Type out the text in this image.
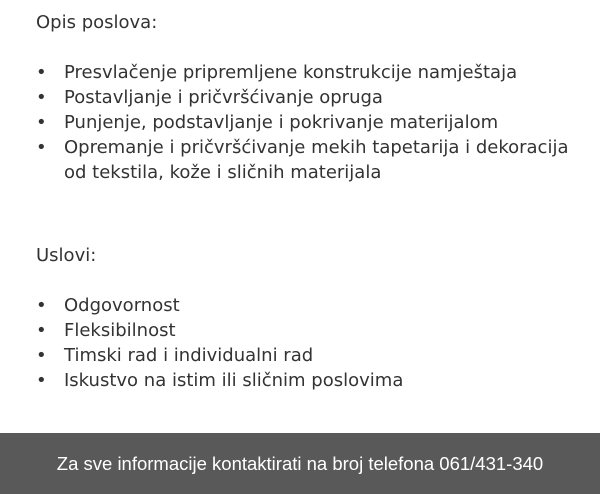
Opis poslova:

• Presvlačenje pripremljene konstrukcije namještaja
• Postavljanje i pričvršćivanje opruga
• Punjenje, podstavljanje i pokrivanje materijalom
• Opremanje i pričvršćivanje mekih tapetarija i dekoracija od tekstila, kože i sličnih materijala

Uslovi:

• Odgovornost
• Fleksibilnost
• Timski rad i individualni rad
• Iskustvo na istim ili sličnim poslovima
Za sve informacije kontaktirati na broj telefona 061/431-340
